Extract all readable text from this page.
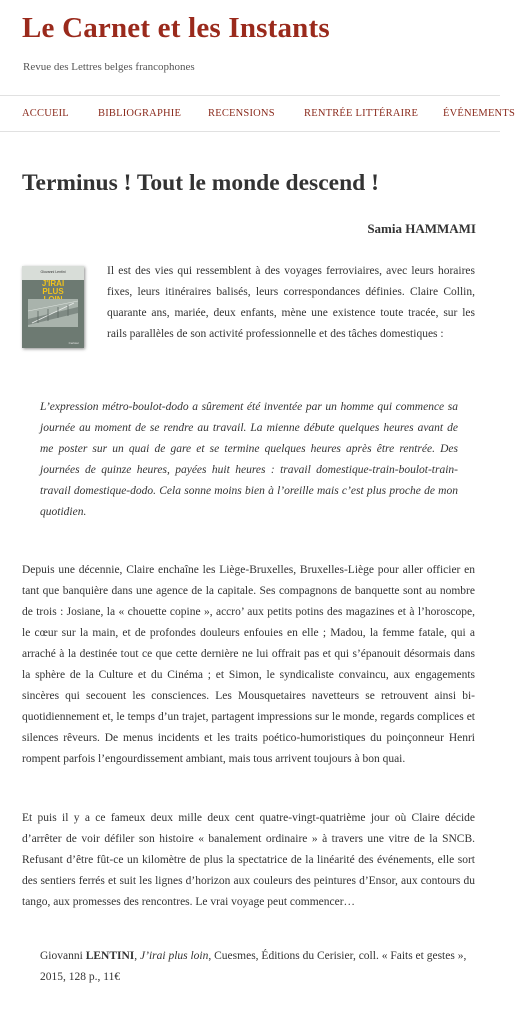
Le Carnet et les Instants
Revue des Lettres belges francophones
ACCUEIL	BIBLIOGRAPHIE	RECENSIONS	RENTRÉE LITTÉRAIRE ÉVÉNEMENTS
Terminus ! Tout le monde descend !
Samia HAMMAMI
Giovanni Lentini
J'IRAI
PLUS

Cerisier

Il est des vies qui ressemblent à des voyages ferroviaires, avec leurs horaires fixes, leurs itinéraires balisés, leurs correspondances définies. Claire Collin, quarante ans, mariée, deux enfants, mène une existence toute tracée, sur les rails parallèles de son activité professionnelle et des tâches domestiques :

L’expression métro-boulot-dodo a sûrement été inventée par un homme qui commence sa journée au moment de se rendre au travail. La mienne débute quelques heures avant de me poster sur un quai de gare et se termine quelques heures après être rentrée. Des journées de quinze heures, payées huit heures : travail domestique-train-boulot-train-travail domestique-dodo. Cela sonne moins bien à l’oreille mais c’est plus proche de mon quotidien.

Depuis une décennie, Claire enchaîne les Liège-Bruxelles, Bruxelles-Liège pour aller officier en tant que banquière dans une agence de la capitale. Ses compagnons de banquette sont au nombre de trois : Josiane, la « chouette copine », accro’ aux petits potins des magazines et à l’horoscope, le cœur sur la main, et de profondes douleurs enfouies en elle ; Madou, la femme fatale, qui a arraché à la destinée tout ce que cette dernière ne lui offrait pas et qui s’épanouit désormais dans la sphère de la Culture et du Cinéma ; et Simon, le syndicaliste convaincu, aux engagements sincères qui secouent les consciences. Les Mousquetaires navetteurs se retrouvent ainsi bi-quotidiennement et, le temps d’un trajet, partagent impressions sur le monde, regards complices et silences rêveurs. De menus incidents et les traits poético-humoristiques du poinçonneur Henri rompent parfois l’engourdissement ambiant, mais tous arrivent toujours à bon quai.

Et puis il y a ce fameux deux mille deux cent quatre-vingt-quatrième jour où Claire décide d’arrêter de voir défiler son histoire « banalement ordinaire » à travers une vitre de la SNCB. Refusant d’être fût-ce un kilomètre de plus la spectatrice de la linéarité des événements, elle sort des sentiers ferrés et suit les lignes d’horizon aux couleurs des peintures d’Ensor, aux contours du tango, aux promesses des rencontres. Le vrai voyage peut commencer…

Giovanni LENTINI, J’irai plus loin, Cuesmes, Éditions du Cerisier, coll. « Faits et gestes », 2015, 128 p., 11€
